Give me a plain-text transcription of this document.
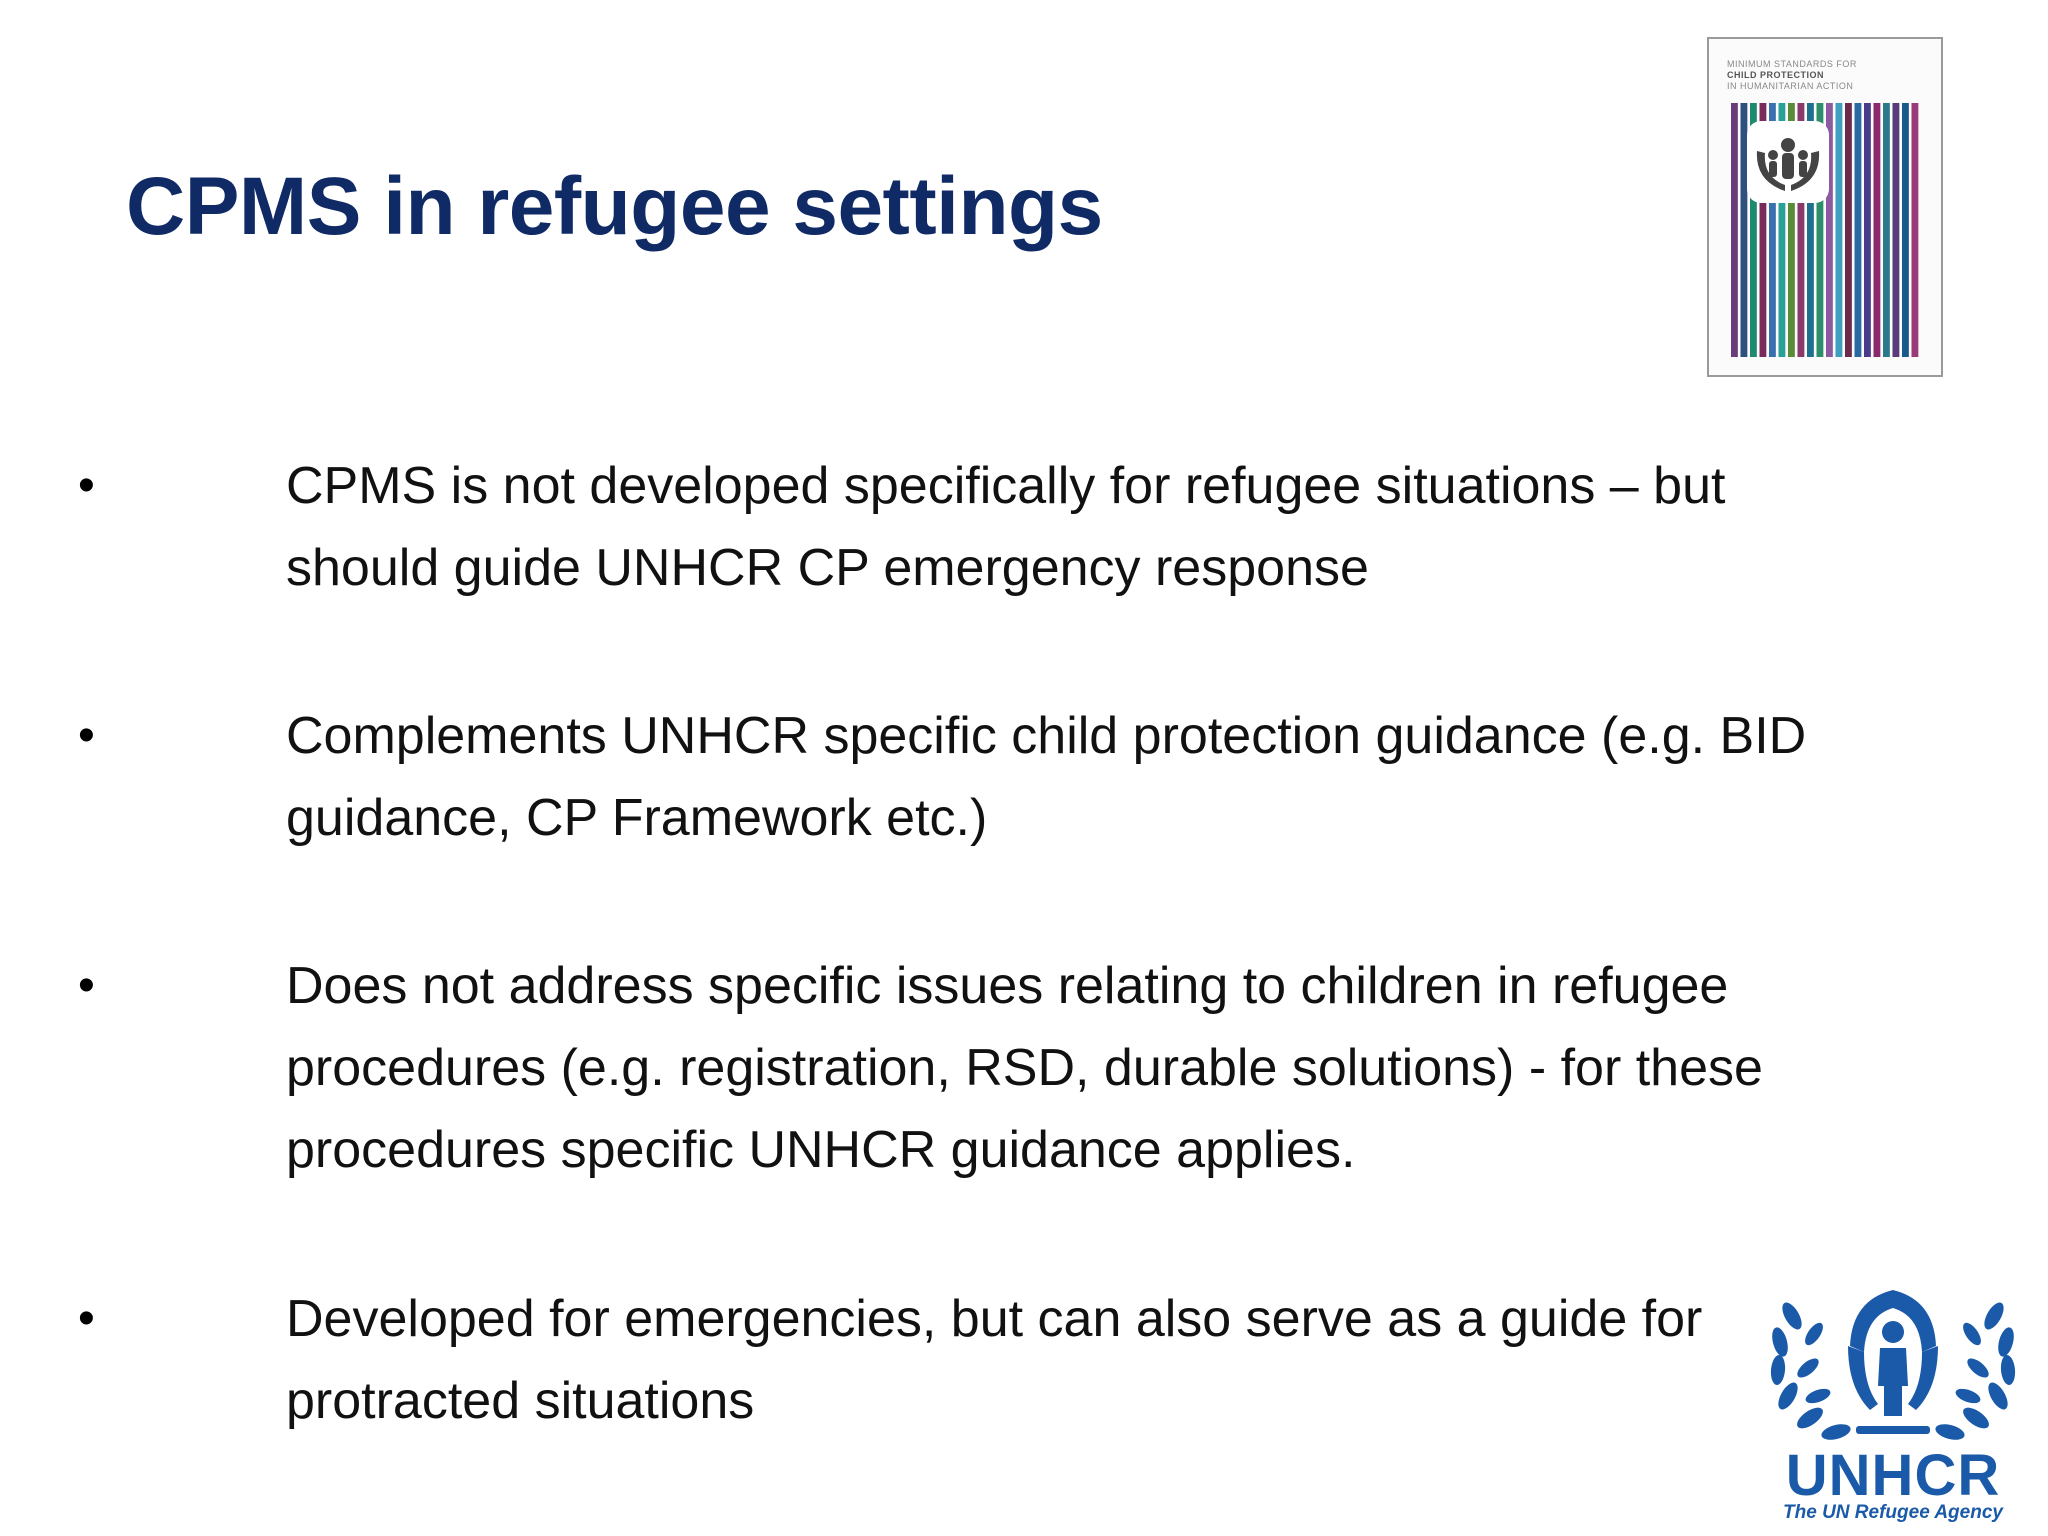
CPMS in refugee settings
•	CPMS is not developed specifically for refugee situations – but should guide UNHCR CP emergency response
•	Complements UNHCR specific child protection guidance (e.g. BID guidance, CP Framework etc.)
•	Does not address specific issues relating to children in refugee procedures (e.g. registration, RSD, durable solutions) - for these procedures specific UNHCR guidance applies.
•	Developed for emergencies, but can also serve as a guide for protracted situations
MINIMUM STANDARDS FOR
CHILD PROTECTION
IN HUMANITARIAN ACTION
UNHCR
The UN Refugee Agency
